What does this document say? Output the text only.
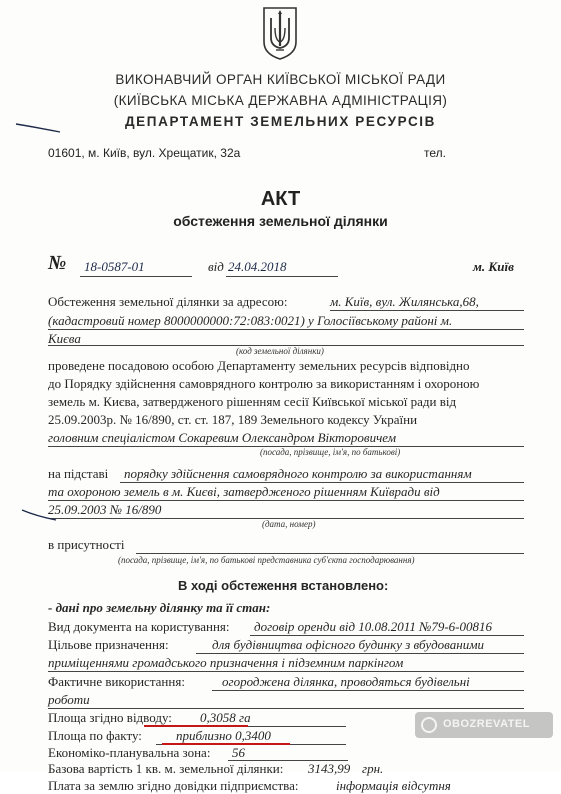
ВИКОНАВЧИЙ ОРГАН КИЇВСЬКОЇ МІСЬКОЇ РАДИ
(КИЇВСЬКА МІСЬКА ДЕРЖАВНА АДМІНІСТРАЦІЯ)
ДЕПАРТАМЕНТ ЗЕМЕЛЬНИХ РЕСУРСІВ
01601, м. Київ, вул. Хрещатик, 32а	тел.
АКТ
обстеження земельної ділянки
№ 18-0587-01	від 24.04.2018	м. Київ
Обстеження земельної ділянки за адресою:	м. Київ, вул. Жилянська,68,
(кадастровий номер 8000000000:72:083:0021) у Голосіївському районі м.
Києва
(код земельної ділянки)
проведене посадовою особою Департаменту земельних ресурсів відповідно
до Порядку здійснення самоврядного контролю за використанням і охороною
земель м. Києва, затвердженого рішенням сесії Київської міської ради від
25.09.2003р. № 16/890, ст. ст. 187, 189 Земельного кодексу України
головним спеціалістом Сокаревим Олександром Вікторовичем
(посада, прізвище, ім'я, по батькові)
на підставі порядку здійснення самоврядного контролю за використанням
та охороною земель в м. Києві, затвердженого рішенням Київради від
25.09.2003 № 16/890
(дата, номер)
в присутності
(посада, прізвище, ім'я, по батькові представника суб'єкта господарювання)
В ході обстеження встановлено:
- дані про земельну ділянку та її стан:
Вид документа на користування: договір оренди від 10.08.2011 №79-6-00816
Цільове призначення:	для будівництва офісного будинку з вбудованими
приміщеннями громадського призначення і підземним паркінгом
Фактичне використання:	огороджена ділянка, проводяться будівельні
роботи
Площа згідно відводу: 0,3058 га
Площа по факту:	приблизно 0,3400
Економіко-планувальна зона: 56
Базова вартість 1 кв. м. земельної ділянки: 3143,99 грн.
Плата за землю згідно довідки підприємства:	інформація відсутня
OBOZREVATEL
